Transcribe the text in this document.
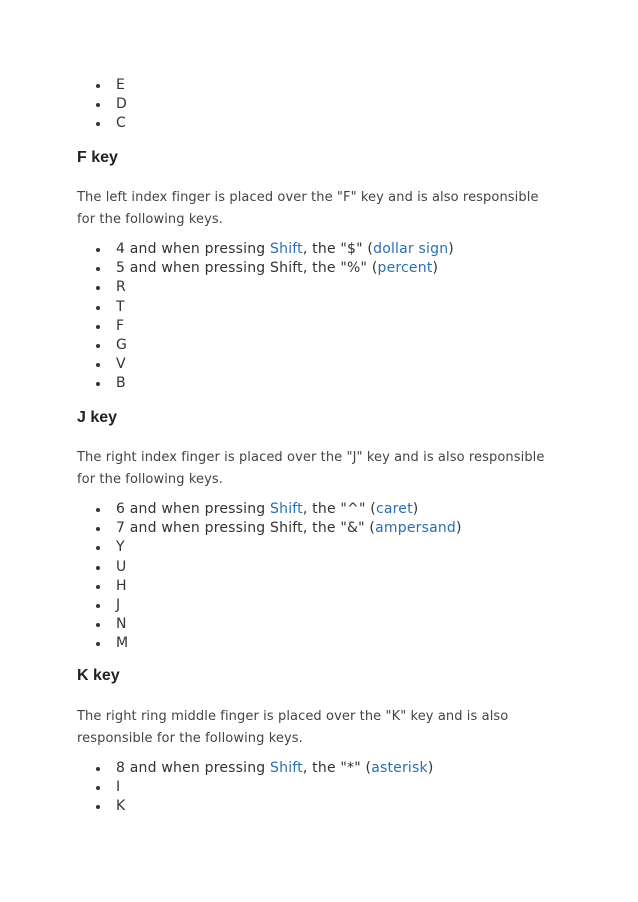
E
D
C
F key

The left index finger is placed over the "F" key and is also responsible for the following keys.

4 and when pressing Shift, the "$" (dollar sign)
5 and when pressing Shift, the "%" (percent)
R
T
F
G
V
B
J key

The right index finger is placed over the "J" key and is also responsible for the following keys.

6 and when pressing Shift, the "^" (caret)
7 and when pressing Shift, the "&" (ampersand)
Y
U
H
J
N
M
K key

The right ring middle finger is placed over the "K" key and is also responsible for the following keys.

8 and when pressing Shift, the "*" (asterisk)
I
K
